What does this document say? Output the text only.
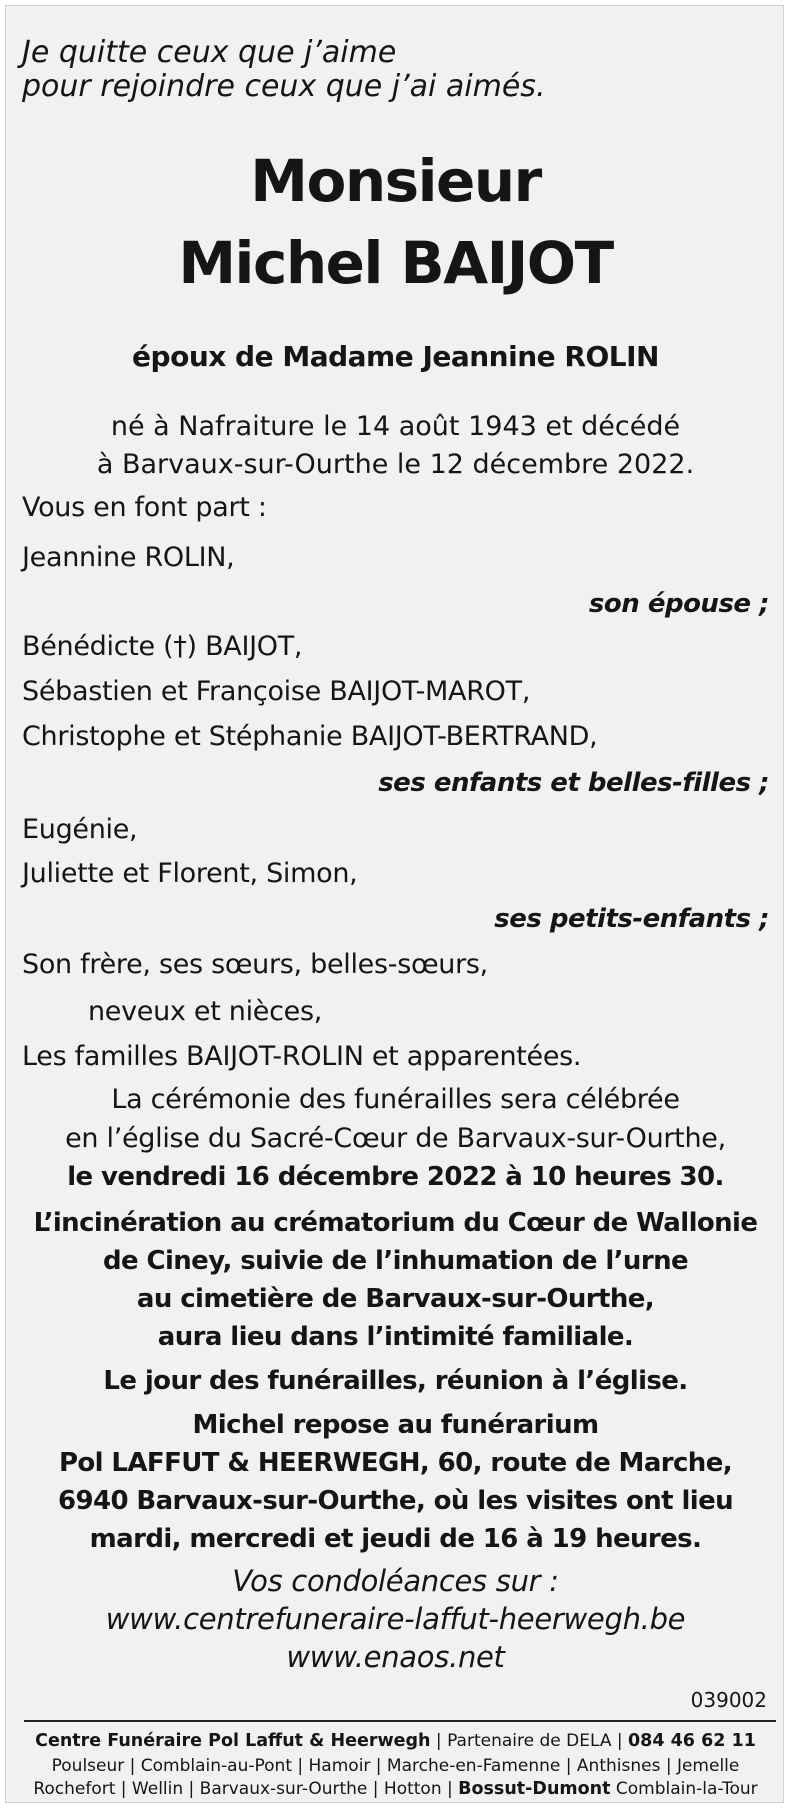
Je quitte ceux que j’aime
pour rejoindre ceux que j’ai aimés.
Monsieur
Michel BAIJOT
époux de Madame Jeannine ROLIN
né à Nafraiture le 14 août 1943 et décédé
à Barvaux-sur-Ourthe le 12 décembre 2022.
Vous en font part :
Jeannine ROLIN,
son épouse ;
Bénédicte (†) BAIJOT,
Sébastien et Françoise BAIJOT-MAROT,
Christophe et Stéphanie BAIJOT-BERTRAND,
ses enfants et belles-filles ;
Eugénie,
Juliette et Florent, Simon,
ses petits-enfants ;
Son frère, ses sœurs, belles-sœurs,
neveux et nièces,
Les familles BAIJOT-ROLIN et apparentées.
La cérémonie des funérailles sera célébrée
en l’église du Sacré-Cœur de Barvaux-sur-Ourthe,
le vendredi 16 décembre 2022 à 10 heures 30.
L’incinération au crématorium du Cœur de Wallonie
de Ciney, suivie de l’inhumation de l’urne
au cimetière de Barvaux-sur-Ourthe,
aura lieu dans l’intimité familiale.
Le jour des funérailles, réunion à l’église.
Michel repose au funérarium
Pol LAFFUT & HEERWEGH, 60, route de Marche,
6940 Barvaux-sur-Ourthe, où les visites ont lieu
mardi, mercredi et jeudi de 16 à 19 heures.
Vos condoléances sur :
www.centrefuneraire-laffut-heerwegh.be
www.enaos.net
039002
Centre Funéraire Pol Laffut & Heerwegh | Partenaire de DELA | 084 46 62 11
Poulseur | Comblain-au-Pont | Hamoir | Marche-en-Famenne | Anthisnes | Jemelle
Rochefort | Wellin | Barvaux-sur-Ourthe | Hotton | Bossut-Dumont Comblain-la-Tour
